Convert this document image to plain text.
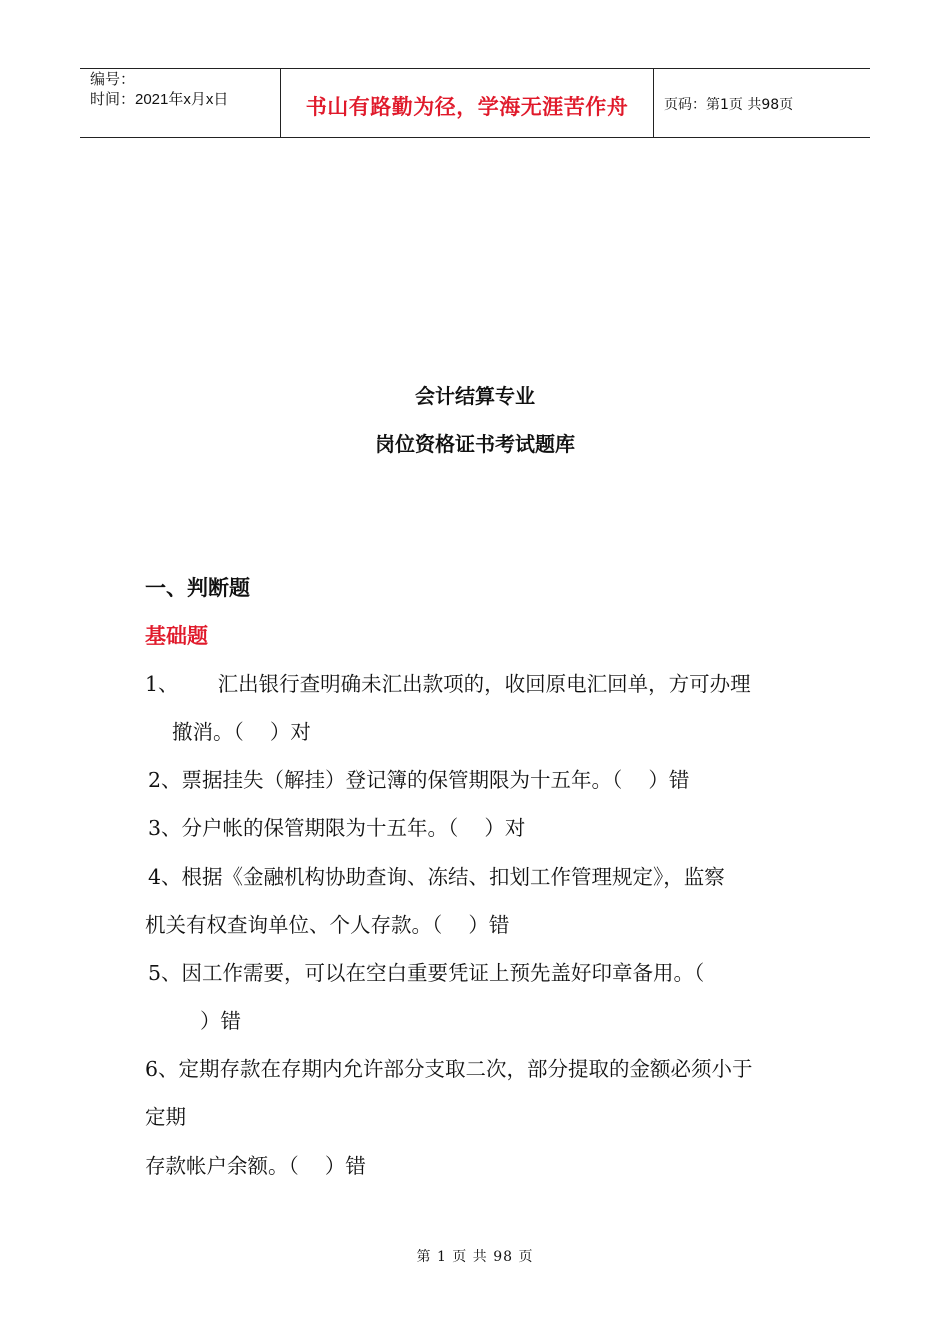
编号：
时间：2021年x月x日	书山有路勤为径，学海无涯苦作舟	页码：第1页 共98页
会计结算专业
岗位资格证书考试题库
一、判断题
基础题
1、      汇出银行查明确未汇出款项的，收回原电汇回单，方可办理
撤消。（    ）对
2、票据挂失（解挂）登记簿的保管期限为十五年。（    ）错
3、分户帐的保管期限为十五年。（    ）对
4、根据《金融机构协助查询、冻结、扣划工作管理规定》，监察
机关有权查询单位、个人存款。（    ）错
5、因工作需要，可以在空白重要凭证上预先盖好印章备用。（
）错
6、定期存款在存期内允许部分支取二次，部分提取的金额必须小于
定期
存款帐户余额。（    ）错
第 1 页 共 98 页
